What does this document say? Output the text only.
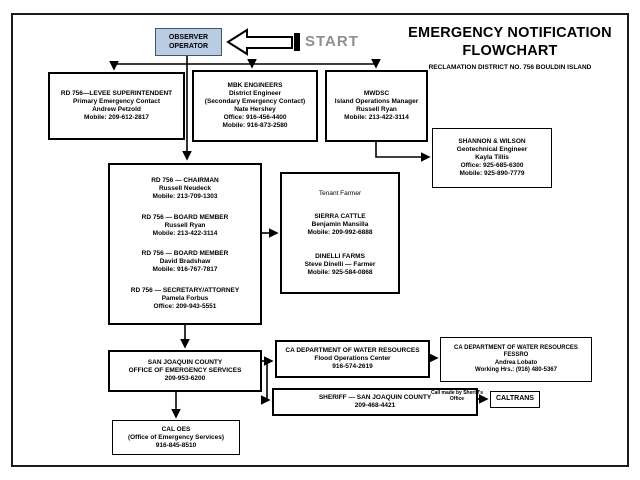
EMERGENCY NOTIFICATION FLOWCHART
RECLAMATION DISTRICT NO. 756 BOULDIN ISLAND
START
OBSERVER
OPERATOR
RD 756—LEVEE SUPERINTENDENT
Primary Emergency Contact
Andrew Petzold
Mobile: 209-612-2817
MBK ENGINEERS
District Engineer
(Secondary Emergency Contact)
Nate Hershey
Office: 916-456-4400
Mobile: 916-873-2580
MWDSC
Island Operations Manager
Russell Ryan
Mobile: 213-422-3114
SHANNON & WILSON
Geotechnical Engineer
Kayla Tillis
Office: 925-685-6300
Mobile: 925-890-7779
RD 756 — CHAIRMAN
Russell Neudeck
Mobile: 213-709-1303
RD 756 — BOARD MEMBER
Russell Ryan
Mobile: 213-422-3114
RD 756 — BOARD MEMBER
David Bradshaw
Mobile: 916-767-7817
RD 756 — SECRETARY/ATTORNEY
Pamela Forbus
Office: 209-943-5551
Tenant Farmer
SIERRA CATTLE
Benjamin Mansilla
Mobile: 209-992-6888
DINELLI FARMS
Steve Dinelli — Farmer
Mobile: 925-584-0868
SAN JOAQUIN COUNTY
OFFICE OF EMERGENCY SERVICES
209-953-6200
CA DEPARTMENT OF WATER RESOURCES
Flood Operations Center
916-574-2619
CA DEPARTMENT OF WATER RESOURCES
FESSRO
Andrea Lobato
Working Hrs.: (916) 480-5367
SHERIFF — SAN JOAQUIN COUNTY
209-468-4421
Call made by Sheriff's Office	CALTRANS
CAL OES
(Office of Emergency Services)
916-845-8510
